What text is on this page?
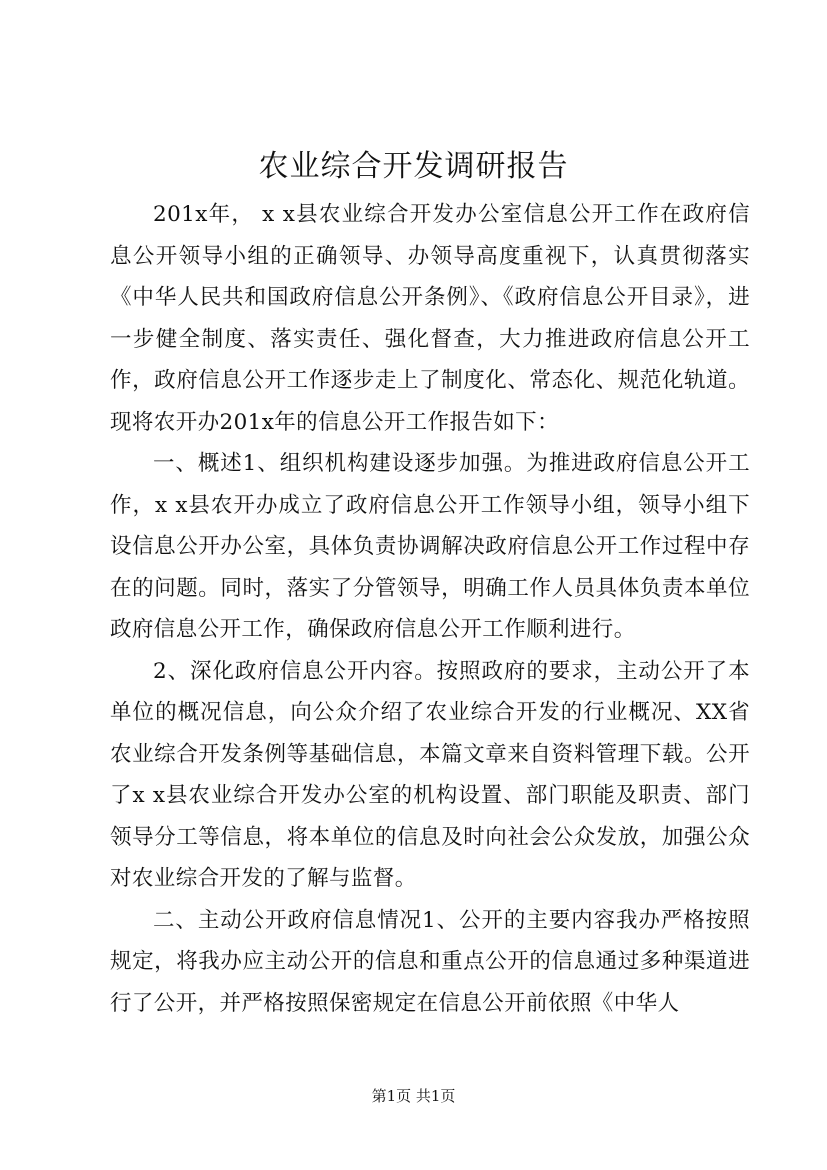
农业综合开发调研报告

201x年， x x县农业综合开发办公室信息公开工作在政府信息公开领导小组的正确领导、办领导高度重视下，认真贯彻落实《中华人民共和国政府信息公开条例》、《政府信息公开目录》，进一步健全制度、落实责任、强化督查，大力推进政府信息公开工作，政府信息公开工作逐步走上了制度化、常态化、规范化轨道。现将农开办201x年的信息公开工作报告如下：

一、概述1、组织机构建设逐步加强。为推进政府信息公开工作，x x县农开办成立了政府信息公开工作领导小组，领导小组下设信息公开办公室，具体负责协调解决政府信息公开工作过程中存在的问题。同时，落实了分管领导，明确工作人员具体负责本单位政府信息公开工作，确保政府信息公开工作顺利进行。

2、深化政府信息公开内容。按照政府的要求，主动公开了本单位的概况信息，向公众介绍了农业综合开发的行业概况、XX省农业综合开发条例等基础信息，本篇文章来自资料管理下载。公开了x x县农业综合开发办公室的机构设置、部门职能及职责、部门领导分工等信息，将本单位的信息及时向社会公众发放，加强公众对农业综合开发的了解与监督。

二、主动公开政府信息情况1、公开的主要内容我办严格按照规定，将我办应主动公开的信息和重点公开的信息通过多种渠道进行了公开，并严格按照保密规定在信息公开前依照《中华人

第1页 共1页
